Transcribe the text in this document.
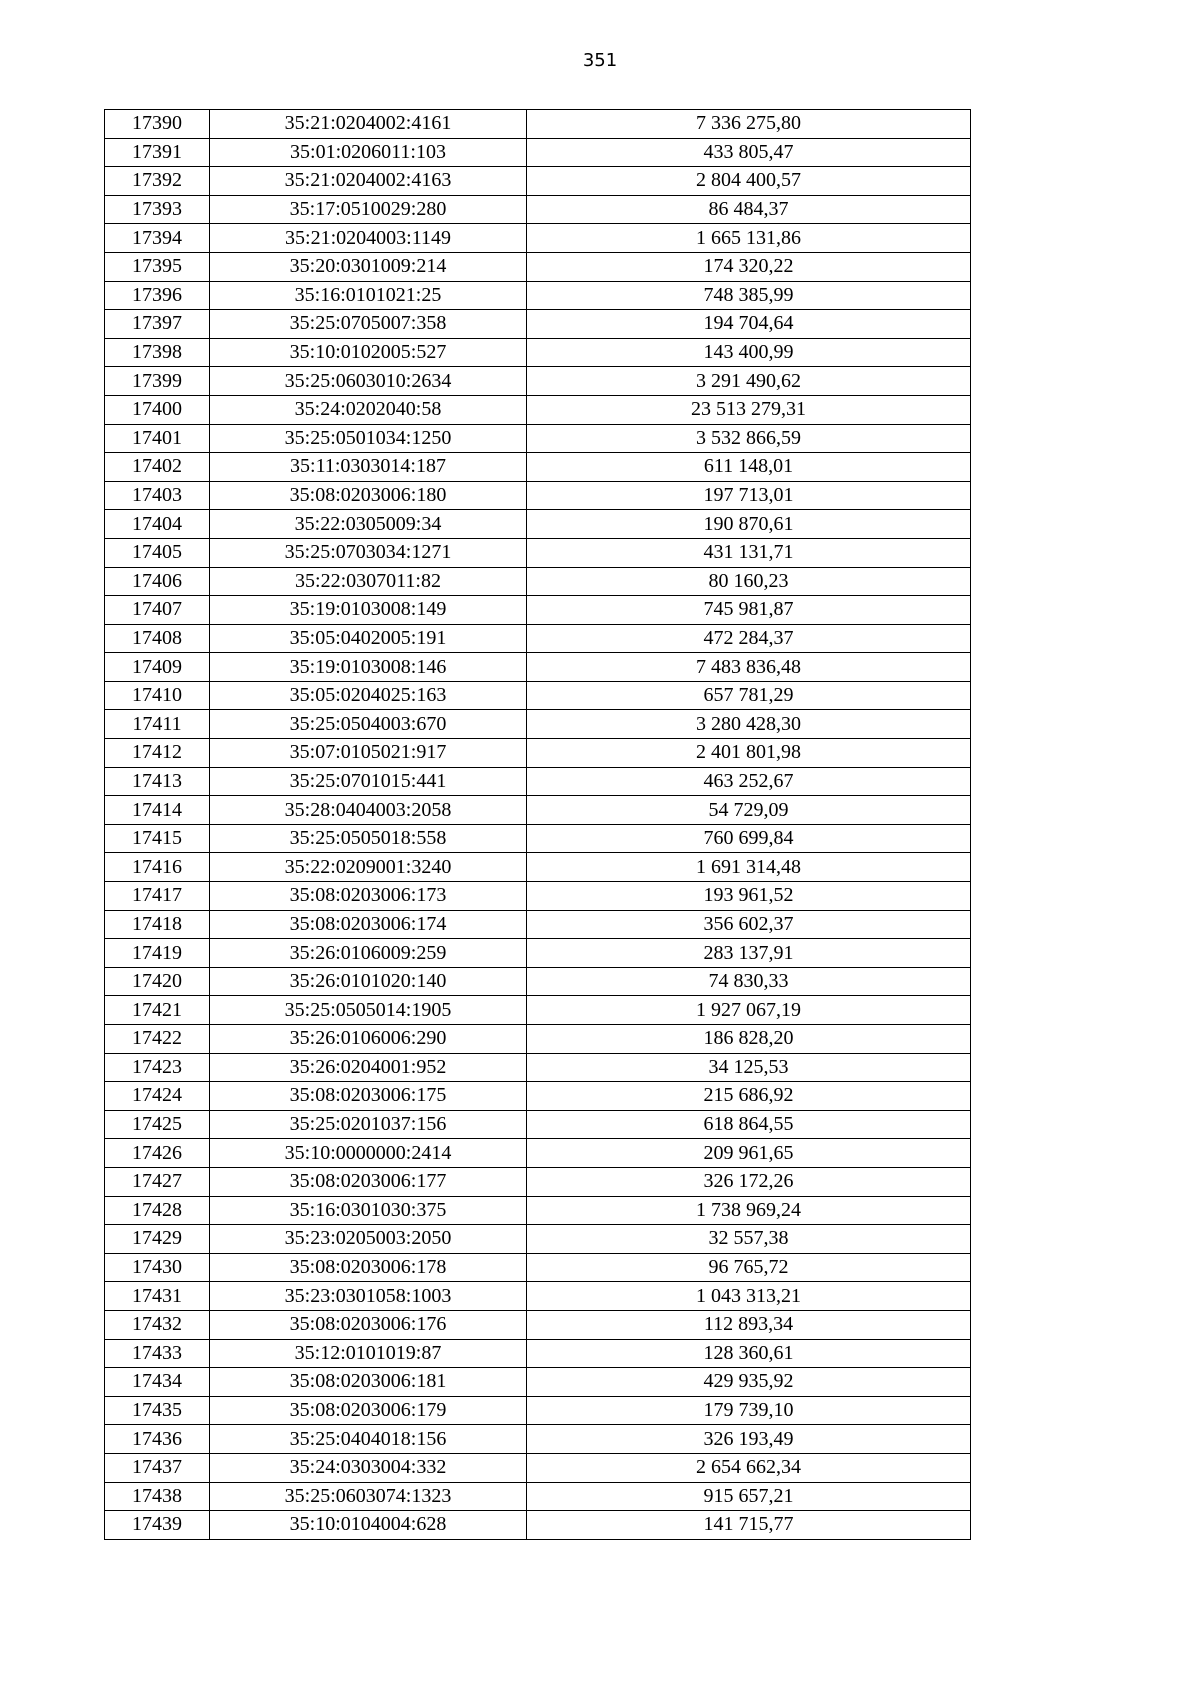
351
17390	35:21:0204002:4161	7 336 275,80
17391	35:01:0206011:103	433 805,47
17392	35:21:0204002:4163	2 804 400,57
17393	35:17:0510029:280	86 484,37
17394	35:21:0204003:1149	1 665 131,86
17395	35:20:0301009:214	174 320,22
17396	35:16:0101021:25	748 385,99
17397	35:25:0705007:358	194 704,64
17398	35:10:0102005:527	143 400,99
17399	35:25:0603010:2634	3 291 490,62
17400	35:24:0202040:58	23 513 279,31
17401	35:25:0501034:1250	3 532 866,59
17402	35:11:0303014:187	611 148,01
17403	35:08:0203006:180	197 713,01
17404	35:22:0305009:34	190 870,61
17405	35:25:0703034:1271	431 131,71
17406	35:22:0307011:82	80 160,23
17407	35:19:0103008:149	745 981,87
17408	35:05:0402005:191	472 284,37
17409	35:19:0103008:146	7 483 836,48
17410	35:05:0204025:163	657 781,29
17411	35:25:0504003:670	3 280 428,30
17412	35:07:0105021:917	2 401 801,98
17413	35:25:0701015:441	463 252,67
17414	35:28:0404003:2058	54 729,09
17415	35:25:0505018:558	760 699,84
17416	35:22:0209001:3240	1 691 314,48
17417	35:08:0203006:173	193 961,52
17418	35:08:0203006:174	356 602,37
17419	35:26:0106009:259	283 137,91
17420	35:26:0101020:140	74 830,33
17421	35:25:0505014:1905	1 927 067,19
17422	35:26:0106006:290	186 828,20
17423	35:26:0204001:952	34 125,53
17424	35:08:0203006:175	215 686,92
17425	35:25:0201037:156	618 864,55
17426	35:10:0000000:2414	209 961,65
17427	35:08:0203006:177	326 172,26
17428	35:16:0301030:375	1 738 969,24
17429	35:23:0205003:2050	32 557,38
17430	35:08:0203006:178	96 765,72
17431	35:23:0301058:1003	1 043 313,21
17432	35:08:0203006:176	112 893,34
17433	35:12:0101019:87	128 360,61
17434	35:08:0203006:181	429 935,92
17435	35:08:0203006:179	179 739,10
17436	35:25:0404018:156	326 193,49
17437	35:24:0303004:332	2 654 662,34
17438	35:25:0603074:1323	915 657,21
17439	35:10:0104004:628	141 715,77
